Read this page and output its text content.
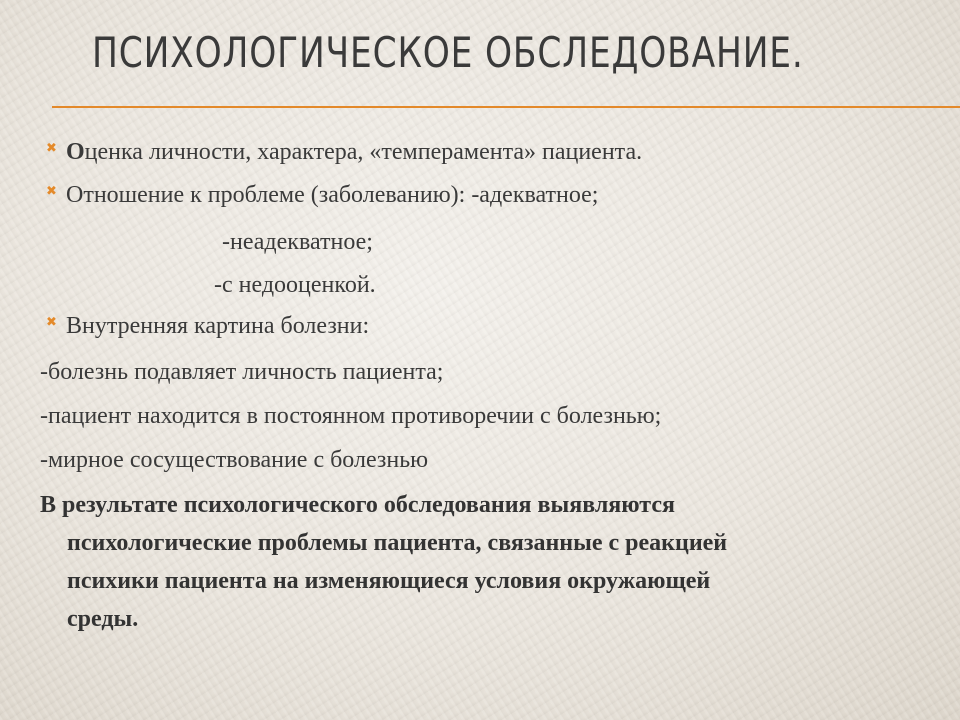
ПСИХОЛОГИЧЕСКОЕ ОБСЛЕДОВАНИЕ.
✖ Оценка личности, характера, «темперамента» пациента.
✖ Отношение к проблеме (заболеванию): -адекватное;
-неадекватное;
-с недооценкой.
✖ Внутренняя картина болезни:
-болезнь подавляет личность пациента;
-пациент находится в постоянном противоречии с болезнью;
-мирное сосуществование с болезнью
В результате психологического обследования выявляются
психологические проблемы пациента, связанные с реакцией
психики пациента на изменяющиеся условия окружающей
среды.
